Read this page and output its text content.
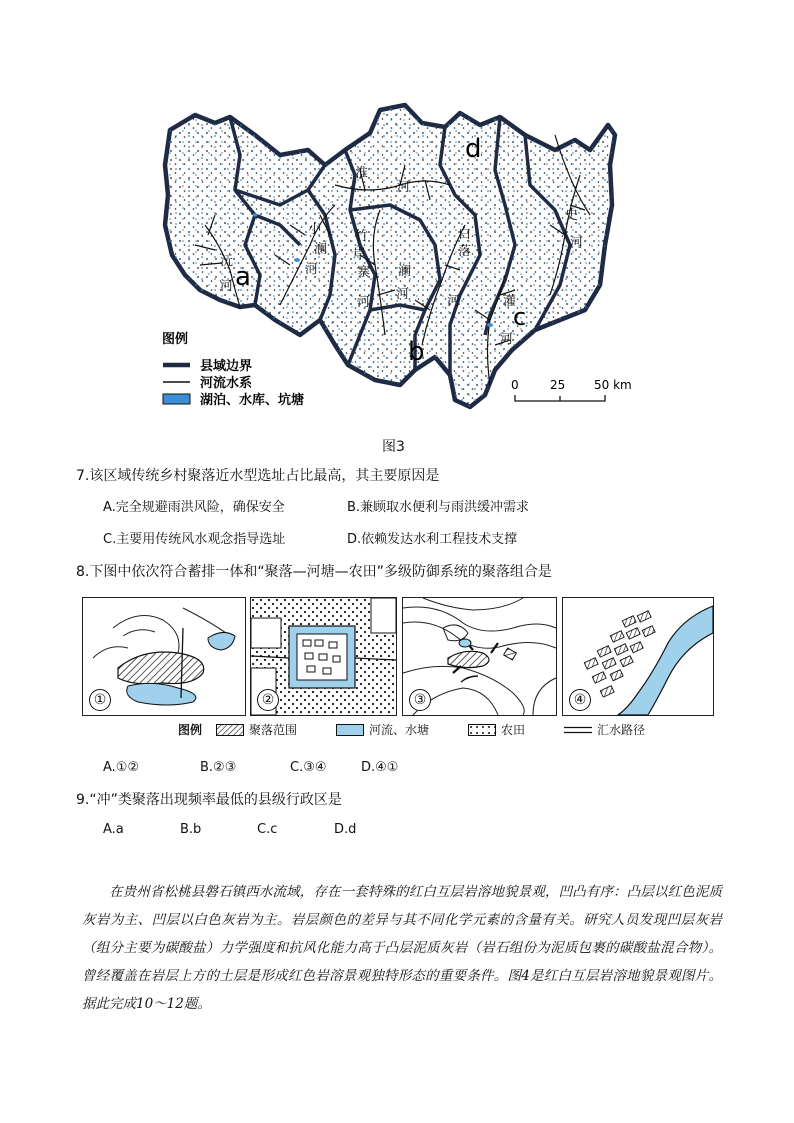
a
b
c
d
淮
河
沅
河
小
澜
河
竹
岸
寨
河
澜
河
白
落
河
史
河
灌
河
图例
县域边界
河流水系
湖泊、水库、坑塘
0	25 50 km
图3
7.该区域传统乡村聚落近水型选址占比最高，其主要原因是
A.完全规避雨洪风险，确保安全	B.兼顾取水便利与雨洪缓冲需求
C.主要用传统风水观念指导选址	D.依赖发达水利工程技术支撑
8.下图中依次符合蓄排一体和“聚落—河塘—农田”多级防御系统的聚落组合是
①	②	③	④
图例	聚落范围	河流、水塘	农田	汇水路径
A.①②	B.②③	C.③④	D.④①
9.“冲”类聚落出现频率最低的县级行政区是
A.a	B.b	C.c	D.d

在贵州省松桃县磐石镇西水流域，存在一套特殊的红白互层岩溶地貌景观，凹凸有序：凸层以红色泥质灰岩为主、凹层以白色灰岩为主。岩层颜色的差异与其不同化学元素的含量有关。研究人员发现凹层灰岩（组分主要为碳酸盐）力学强度和抗风化能力高于凸层泥质灰岩（岩石组份为泥质包裹的碳酸盐混合物）。曾经覆盖在岩层上方的土层是形成红色岩溶景观独特形态的重要条件。图4是红白互层岩溶地貌景观图片。据此完成10～12题。
